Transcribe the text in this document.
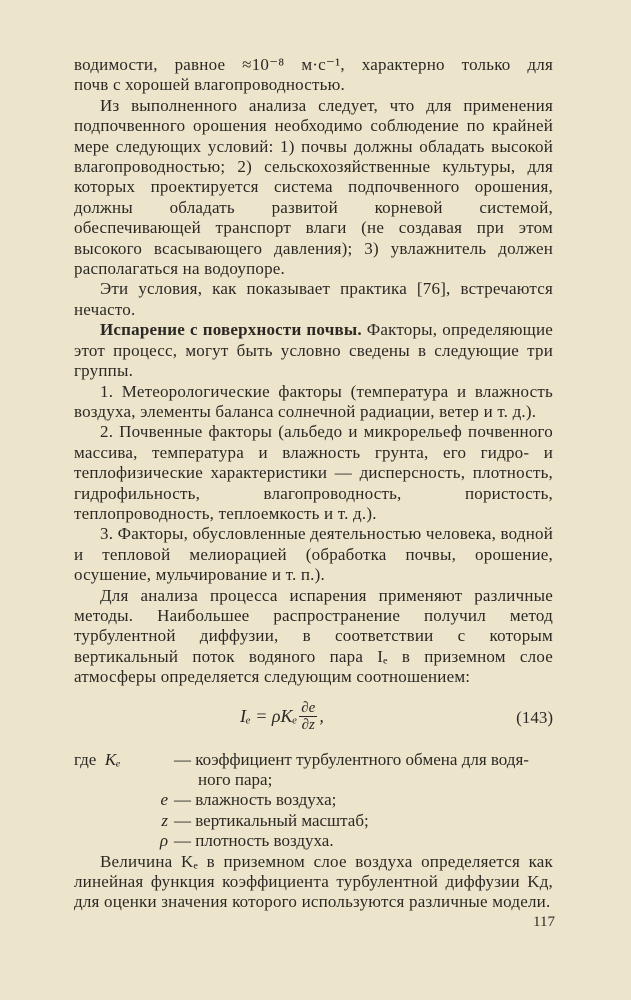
водимости, равное ≈10⁻⁸ м·с⁻¹, характерно только для

почв с хорошей влагопроводностью.

Из выполненного анализа следует, что для применения подпочвенного орошения необходимо соблюдение по крайней мере следующих условий: 1) почвы должны обладать высокой влагопроводностью; 2) сельскохозяйственные культуры, для которых проектируется система подпочвенного орошения, должны обладать развитой корневой системой, обеспечивающей транспорт влаги (не создавая при этом высокого всасывающего давления); 3) увлажнитель должен располагаться на водоупоре.

Эти условия, как показывает практика [76], встречаются нечасто.

Испарение с поверхности почвы. Факторы, определяющие этот процесс, могут быть условно сведены в следующие три группы.

1. Метеорологические факторы (температура и влажность воздуха, элементы баланса солнечной радиации, ветер и т. д.).

2. Почвенные факторы (альбедо и микрорельеф почвенного массива, температура и влажность грунта, его гидро- и теплофизические характеристики — дисперсность, плотность, гидрофильность, влагопроводность, пористость, теплопроводность, теплоемкость и т. д.).

3. Факторы, обусловленные деятельностью человека, водной и тепловой мелиорацией (обработка почвы, орошение, осушение, мульчирование и т. п.).

Для анализа процесса испарения применяют различные методы. Наибольшее распространение получил метод турбулентной диффузии, в соответствии с которым вертикальный поток водяного пара Iₑ в приземном слое атмосферы определяется следующим соотношением:

Iₑ = ρKₑ $\frac{\partial e}{\partial z}$ ,	(143)
где Kₑ	— коэффициент турбулентного обмена для водя-
ного пара;
e — влажность воздуха;
z — вертикальный масштаб;
ρ — плотность воздуха.

Величина Kₑ в приземном слое воздуха определяется как линейная функция коэффициента турбулентной диффузии Kд, для оценки значения которого используются различные модели.

117
